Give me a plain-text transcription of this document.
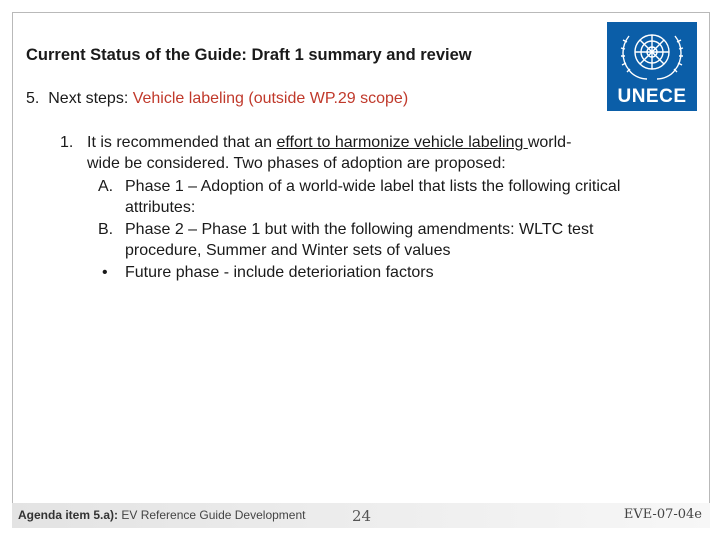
Current Status of the Guide: Draft 1 summary and review
5.  Next steps: Vehicle labeling (outside WP.29 scope)	UNECE
1. It is recommended that an effort to harmonize vehicle labeling world-
wide be considered. Two phases of adoption are proposed:
A. Phase 1 – Adoption of a world-wide label that lists the following critical
attributes:
B. Phase 2 – Phase 1 but with the following amendments: WLTC test
procedure, Summer and Winter sets of values
• Future phase - include deterioriation factors
Agenda item 5.a): EV Reference Guide Development	24	EVE-07-04e
